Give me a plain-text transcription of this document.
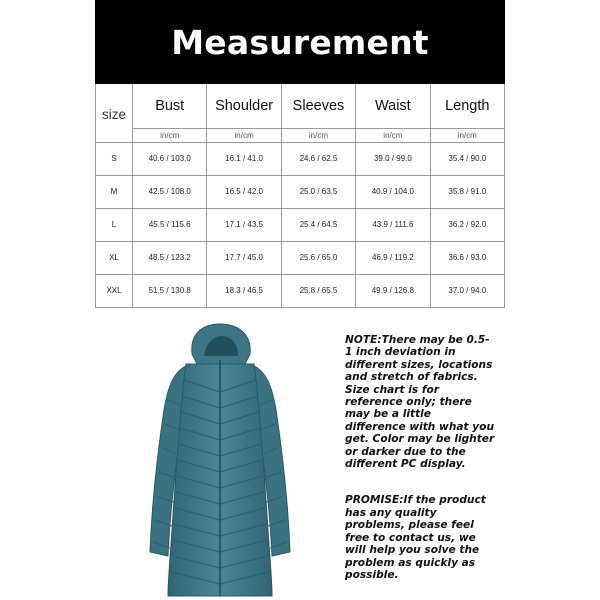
Measurement
size	Bust	Shoulder	Sleeves	Waist	Length
	in/cm	in/cm	in/cm	in/cm	in/cm
S	40.6 / 103.0	16.1 / 41.0	24.6 / 62.5	39.0 / 99.0	35.4 / 90.0
M	42.5 / 108.0	16.5 / 42.0	25.0 / 63.5	40.9 / 104.0	35.8 / 91.0
L	45.5 / 115.6	17.1 / 43.5	25.4 / 64.5	43.9 / 111.6	36.2 / 92.0
XL	48.5 / 123.2	17.7 / 45.0	25.6 / 65.0	46.9 / 119.2	36.6 / 93.0
XXL	51.5 / 130.8	18.3 / 46.5	25.8 / 65.5	49.9 / 126.8	37.0 / 94.0

NOTE:There may be 0.5-1 inch deviation in different sizes, locations and stretch of fabrics. Size chart is for reference only; there may be a little difference with what you get. Color may be lighter or darker due to the different PC display.

PROMISE:If the product has any quality problems, please feel free to contact us, we will help you solve the problem as quickly as possible.
